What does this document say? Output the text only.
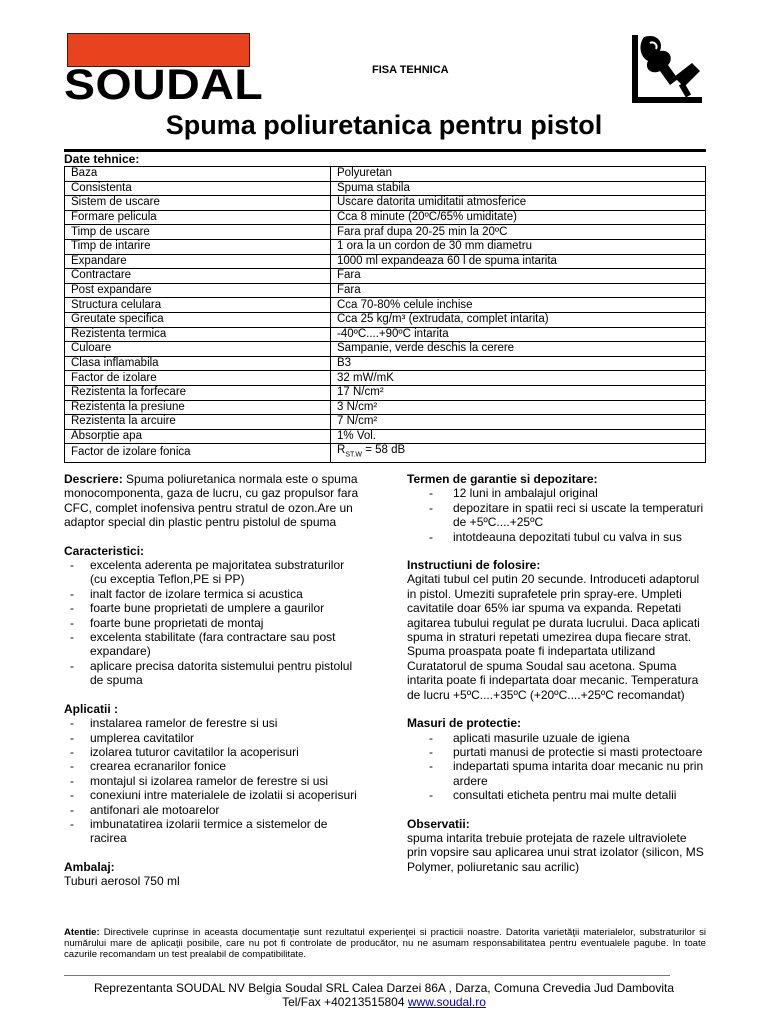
SOUDAL	FISA TEHNICA
Spuma poliuretanica pentru pistol
Date tehnice:
Baza	Polyuretan
Consistenta	Spuma stabila
Sistem de uscare	Uscare datorita umiditatii atmosferice
Formare pelicula	Cca 8 minute (20ºC/65% umiditate)
Timp de uscare	Fara praf dupa 20-25 min la 20ºC
Timp de intarire	1 ora la un cordon de 30 mm diametru
Expandare	1000 ml expandeaza 60 l de spuma intarita
Contractare	Fara
Post expandare	Fara
Structura celulara	Cca 70-80% celule inchise
Greutate specifica	Cca 25 kg/m³ (extrudata, complet intarita)
Rezistenta termica	-40ºC....+90ºC intarita
Culoare	Sampanie, verde deschis la cerere
Clasa inflamabila	B3
Factor de izolare	32 mW/mK
Rezistenta la forfecare	17 N/cm²
Rezistenta la presiune	3 N/cm²
Rezistenta la arcuire	7 N/cm²
Absorptie apa	1% Vol.
Factor de izolare fonica	$R_{ST.W} = 58$ dB

Descriere: Spuma poliuretanica normala este o spuma monocomponenta, gaza de lucru, cu gaz propulsor fara CFC, complet inofensiva pentru stratul de ozon.Are un adaptor special din plastic pentru pistolul de spuma

Caracteristici:
- excelenta aderenta pe majoritatea substraturilor (cu exceptia Teflon,PE si PP)
- inalt factor de izolare termica si acustica
- foarte bune proprietati de umplere a gaurilor
- foarte bune proprietati de montaj
- excelenta stabilitate (fara contractare sau post expandare)
- aplicare precisa datorita sistemului pentru pistolul de spuma
Aplicatii :
- instalarea ramelor de ferestre si usi
- umplerea cavitatilor
- izolarea tuturor cavitatilor la acoperisuri
- crearea ecranarilor fonice
- montajul si izolarea ramelor de ferestre si usi
- conexiuni intre materialele de izolatii si acoperisuri
- antifonari ale motoarelor
- imbunatatirea izolarii termice a sistemelor de racirea
Ambalaj:

Tuburi aerosol 750 ml

Termen de garantie si depozitare:
- 12 luni in ambalajul original
- depozitare in spatii reci si uscate la temperaturi de +5ºC....+25ºC
- intotdeauna depozitati tubul cu valva in sus
Instructiuni de folosire:

Agitati tubul cel putin 20 secunde. Introduceti adaptorul in pistol. Umeziti suprafetele prin spray-ere. Umpleti cavitatile doar 65% iar spuma va expanda. Repetati agitarea tubului regulat pe durata lucrului. Daca aplicati spuma in straturi repetati umezirea dupa fiecare strat. Spuma proaspata poate fi indepartata utilizand Curatatorul de spuma Soudal sau acetona. Spuma intarita poate fi indepartata doar mecanic. Temperatura de lucru +5ºC....+35ºC (+20ºC....+25ºC recomandat)

Masuri de protectie:
- aplicati masurile uzuale de igiena
- purtati manusi de protectie si masti protectoare
- indepartati spuma intarita doar mecanic nu prin ardere
- consultati eticheta pentru mai multe detalii
Observatii:

spuma intarita trebuie protejata de razele ultraviolete prin vopsire sau aplicarea unui strat izolator (silicon, MS Polymer, poliuretanic sau acrilic)

Atentie: Directivele cuprinse in aceasta documentaţie sunt rezultatul experienţei si practicii noastre. Datorita varietăţii materialelor, substraturilor si numărului mare de aplicaţii posibile, care nu pot fi controlate de producător, nu ne asumam responsabilitatea pentru eventualele pagube. In toate cazurile recomandam un test prealabil de compatibilitate.
Reprezentanta SOUDAL NV Belgia Soudal SRL Calea Darzei 86A , Darza, Comuna Crevedia Jud Dambovita
Tel/Fax +40213515804 www.soudal.ro
